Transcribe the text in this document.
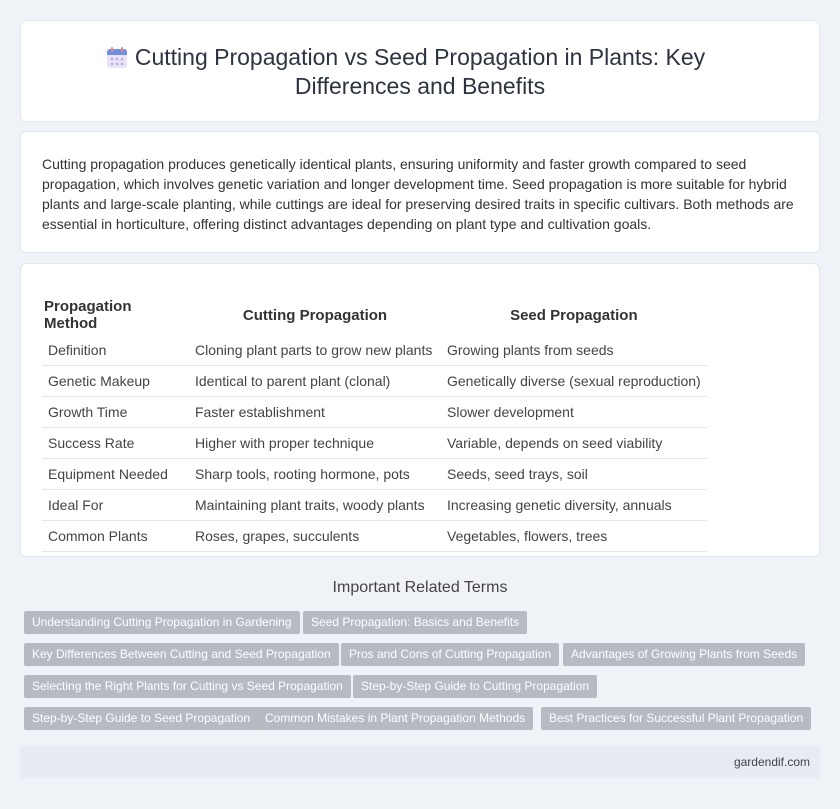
Cutting Propagation vs Seed Propagation in Plants: Key Differences and Benefits

Cutting propagation produces genetically identical plants, ensuring uniformity and faster growth compared to seed propagation, which involves genetic variation and longer development time. Seed propagation is more suitable for hybrid plants and large-scale planting, while cuttings are ideal for preserving desired traits in specific cultivars. Both methods are essential in horticulture, offering distinct advantages depending on plant type and cultivation goals.

Propagation Method	Cutting Propagation	Seed Propagation
Definition	Cloning plant parts to grow new plants	Growing plants from seeds
Genetic Makeup	Identical to parent plant (clonal)	Genetically diverse (sexual reproduction)
Growth Time	Faster establishment	Slower development
Success Rate	Higher with proper technique	Variable, depends on seed viability
Equipment Needed	Sharp tools, rooting hormone, pots	Seeds, seed trays, soil
Ideal For	Maintaining plant traits, woody plants	Increasing genetic diversity, annuals
Common Plants	Roses, grapes, succulents	Vegetables, flowers, trees
Important Related Terms
Understanding Cutting Propagation in Gardening	Seed Propagation: Basics and Benefits
Key Differences Between Cutting and Seed Propagation	Pros and Cons of Cutting Propagation	Advantages of Growing Plants from Seeds
Selecting the Right Plants for Cutting vs Seed Propagation	Step-by-Step Guide to Cutting Propagation
Step-by-Step Guide to Seed Propagation	Common Mistakes in Plant Propagation Methods	Best Practices for Successful Plant Propagation
gardendif.com
